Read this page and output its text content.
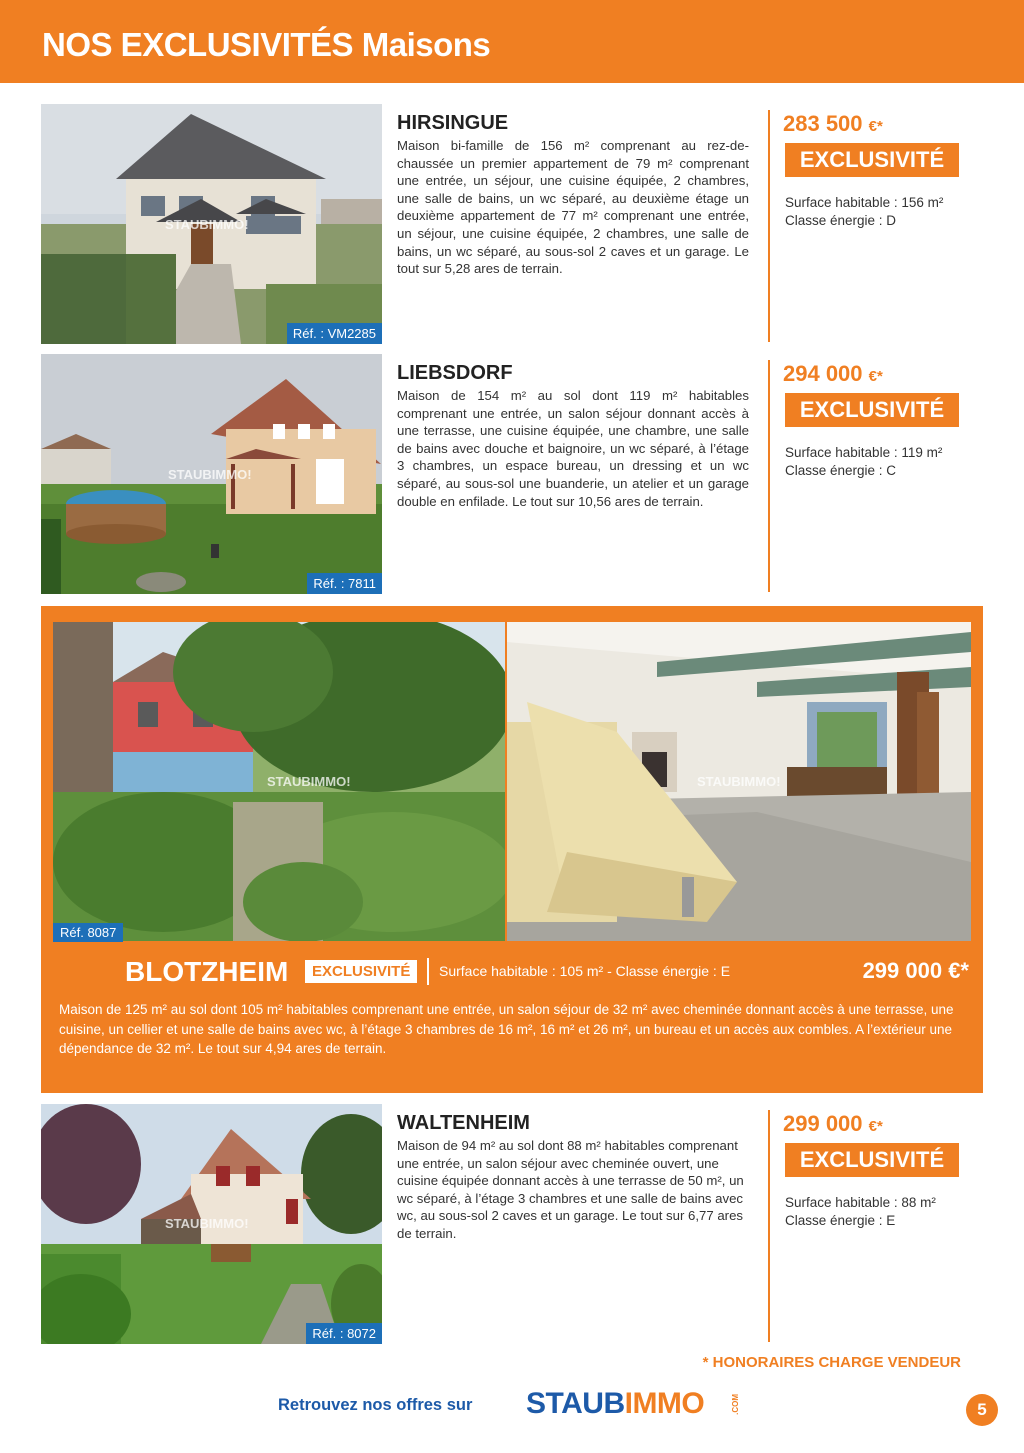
NOS EXCLUSIVITÉS Maisons
STAUBIMMO!
Réf. : VM2285
HIRSINGUE
Maison bi-famille de 156 m² comprenant au rez-de-chaussée un premier appartement de 79 m² comprenant une entrée, un séjour, une cuisine équipée, 2 chambres, une salle de bains, un wc séparé, au deuxième étage un deuxième appartement de 77 m² comprenant une entrée, un séjour, une cuisine équipée, 2 chambres, une salle de bains, un wc séparé, au sous-sol 2 caves et un garage. Le tout sur 5,28 ares de terrain.
283 500 €*
EXCLUSIVITÉ
Surface habitable : 156 m²
Classe énergie : D
STAUBIMMO!
Réf. : 7811
LIEBSDORF
Maison de 154 m² au sol dont 119 m² habitables comprenant une entrée, un salon séjour donnant accès à une terrasse, une cuisine équipée, une chambre, une salle de bains avec douche et baignoire, un wc séparé, à l’étage 3 chambres, un espace bureau, un dressing et un wc séparé, au sous-sol une buanderie, un atelier et un garage double en enfilade. Le tout sur 10,56 ares de terrain.
294 000 €*
EXCLUSIVITÉ
Surface habitable : 119 m²
Classe énergie : C
STAUBIMMO!	STAUBIMMO!
Réf. 8087
BLOTZHEIM	EXCLUSIVITÉ	Surface habitable : 105 m² - Classe énergie : E	299 000 €*
Maison de 125 m² au sol dont 105 m² habitables comprenant une entrée, un salon séjour de 32 m² avec cheminée donnant accès à une terrasse, une cuisine, un cellier et une salle de bains avec wc, à l’étage 3 chambres de 16 m², 16 m² et 26 m², un bureau et un accès aux combles. A l’extérieur une dépendance de 32 m². Le tout sur 4,94 ares de terrain.
STAUBIMMO!
Réf. : 8072
WALTENHEIM
Maison de 94 m² au sol dont 88 m² habitables comprenant une entrée, un salon séjour avec cheminée ouvert, une cuisine équipée donnant accès à une terrasse de 50 m², un wc séparé, à l’étage 3 chambres et une salle de bains avec wc, au sous-sol 2 caves et un garage. Le tout sur 6,77 ares de terrain.
299 000 €*
EXCLUSIVITÉ
Surface habitable : 88 m²
Classe énergie : E
* HONORAIRES CHARGE VENDEUR
Retrouvez nos offres sur STAUBIMMO	.COM	5
